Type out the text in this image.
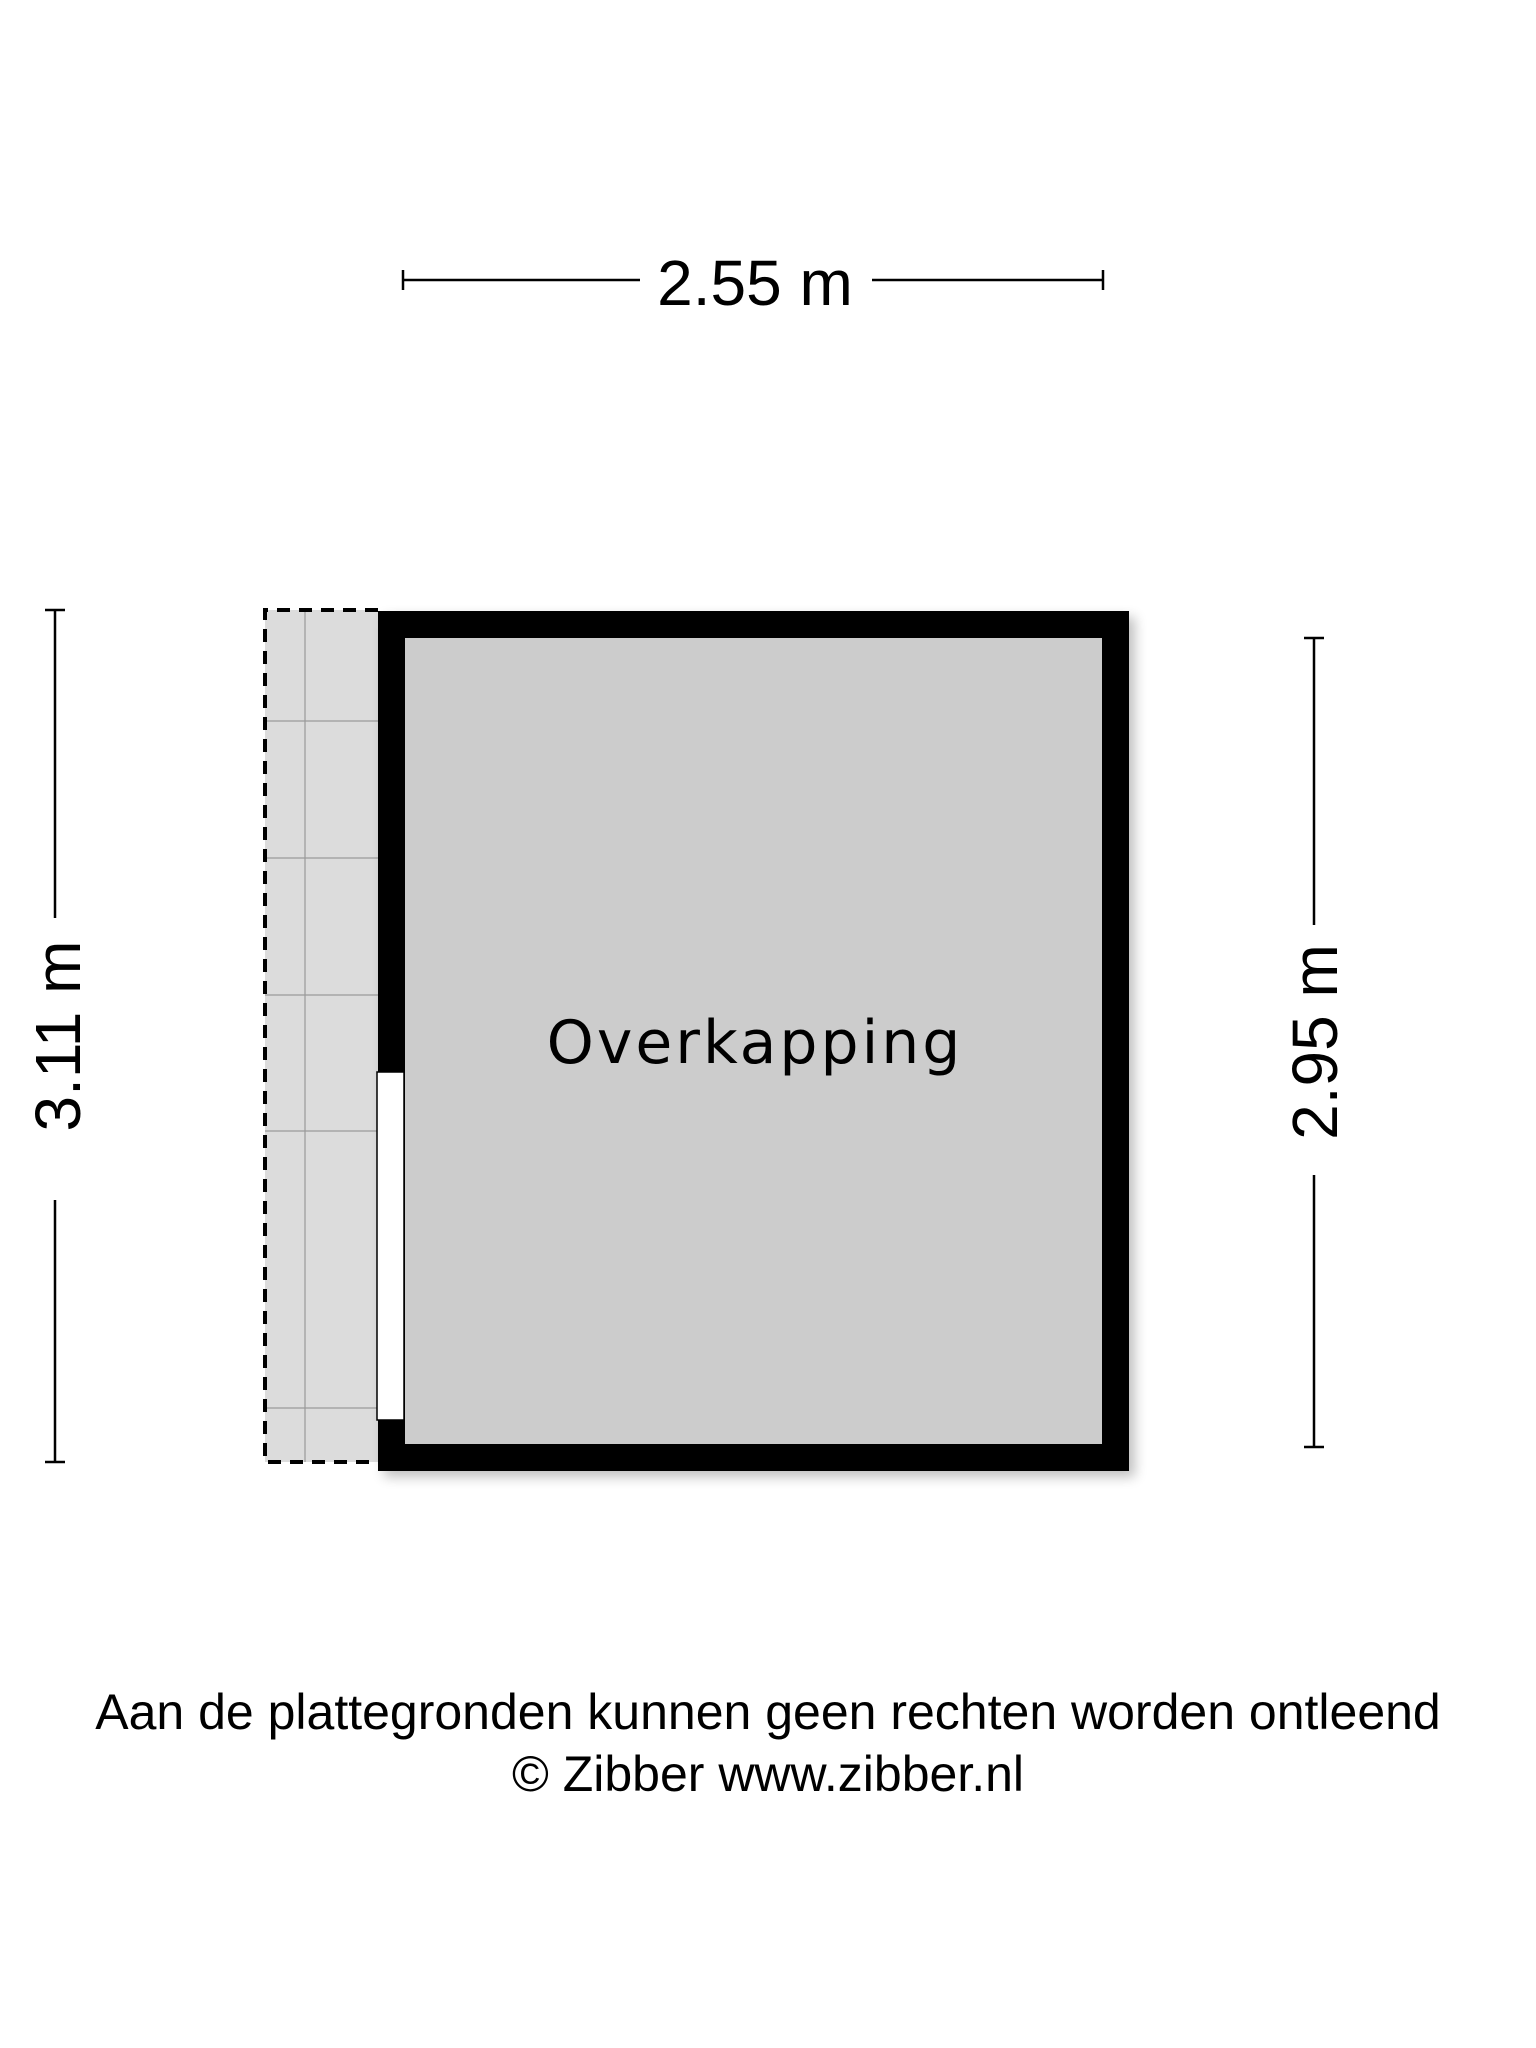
2.55 m
3.11 m	2.95 m
Overkapping
Aan de plattegronden kunnen geen rechten worden ontleend
© Zibber www.zibber.nl
